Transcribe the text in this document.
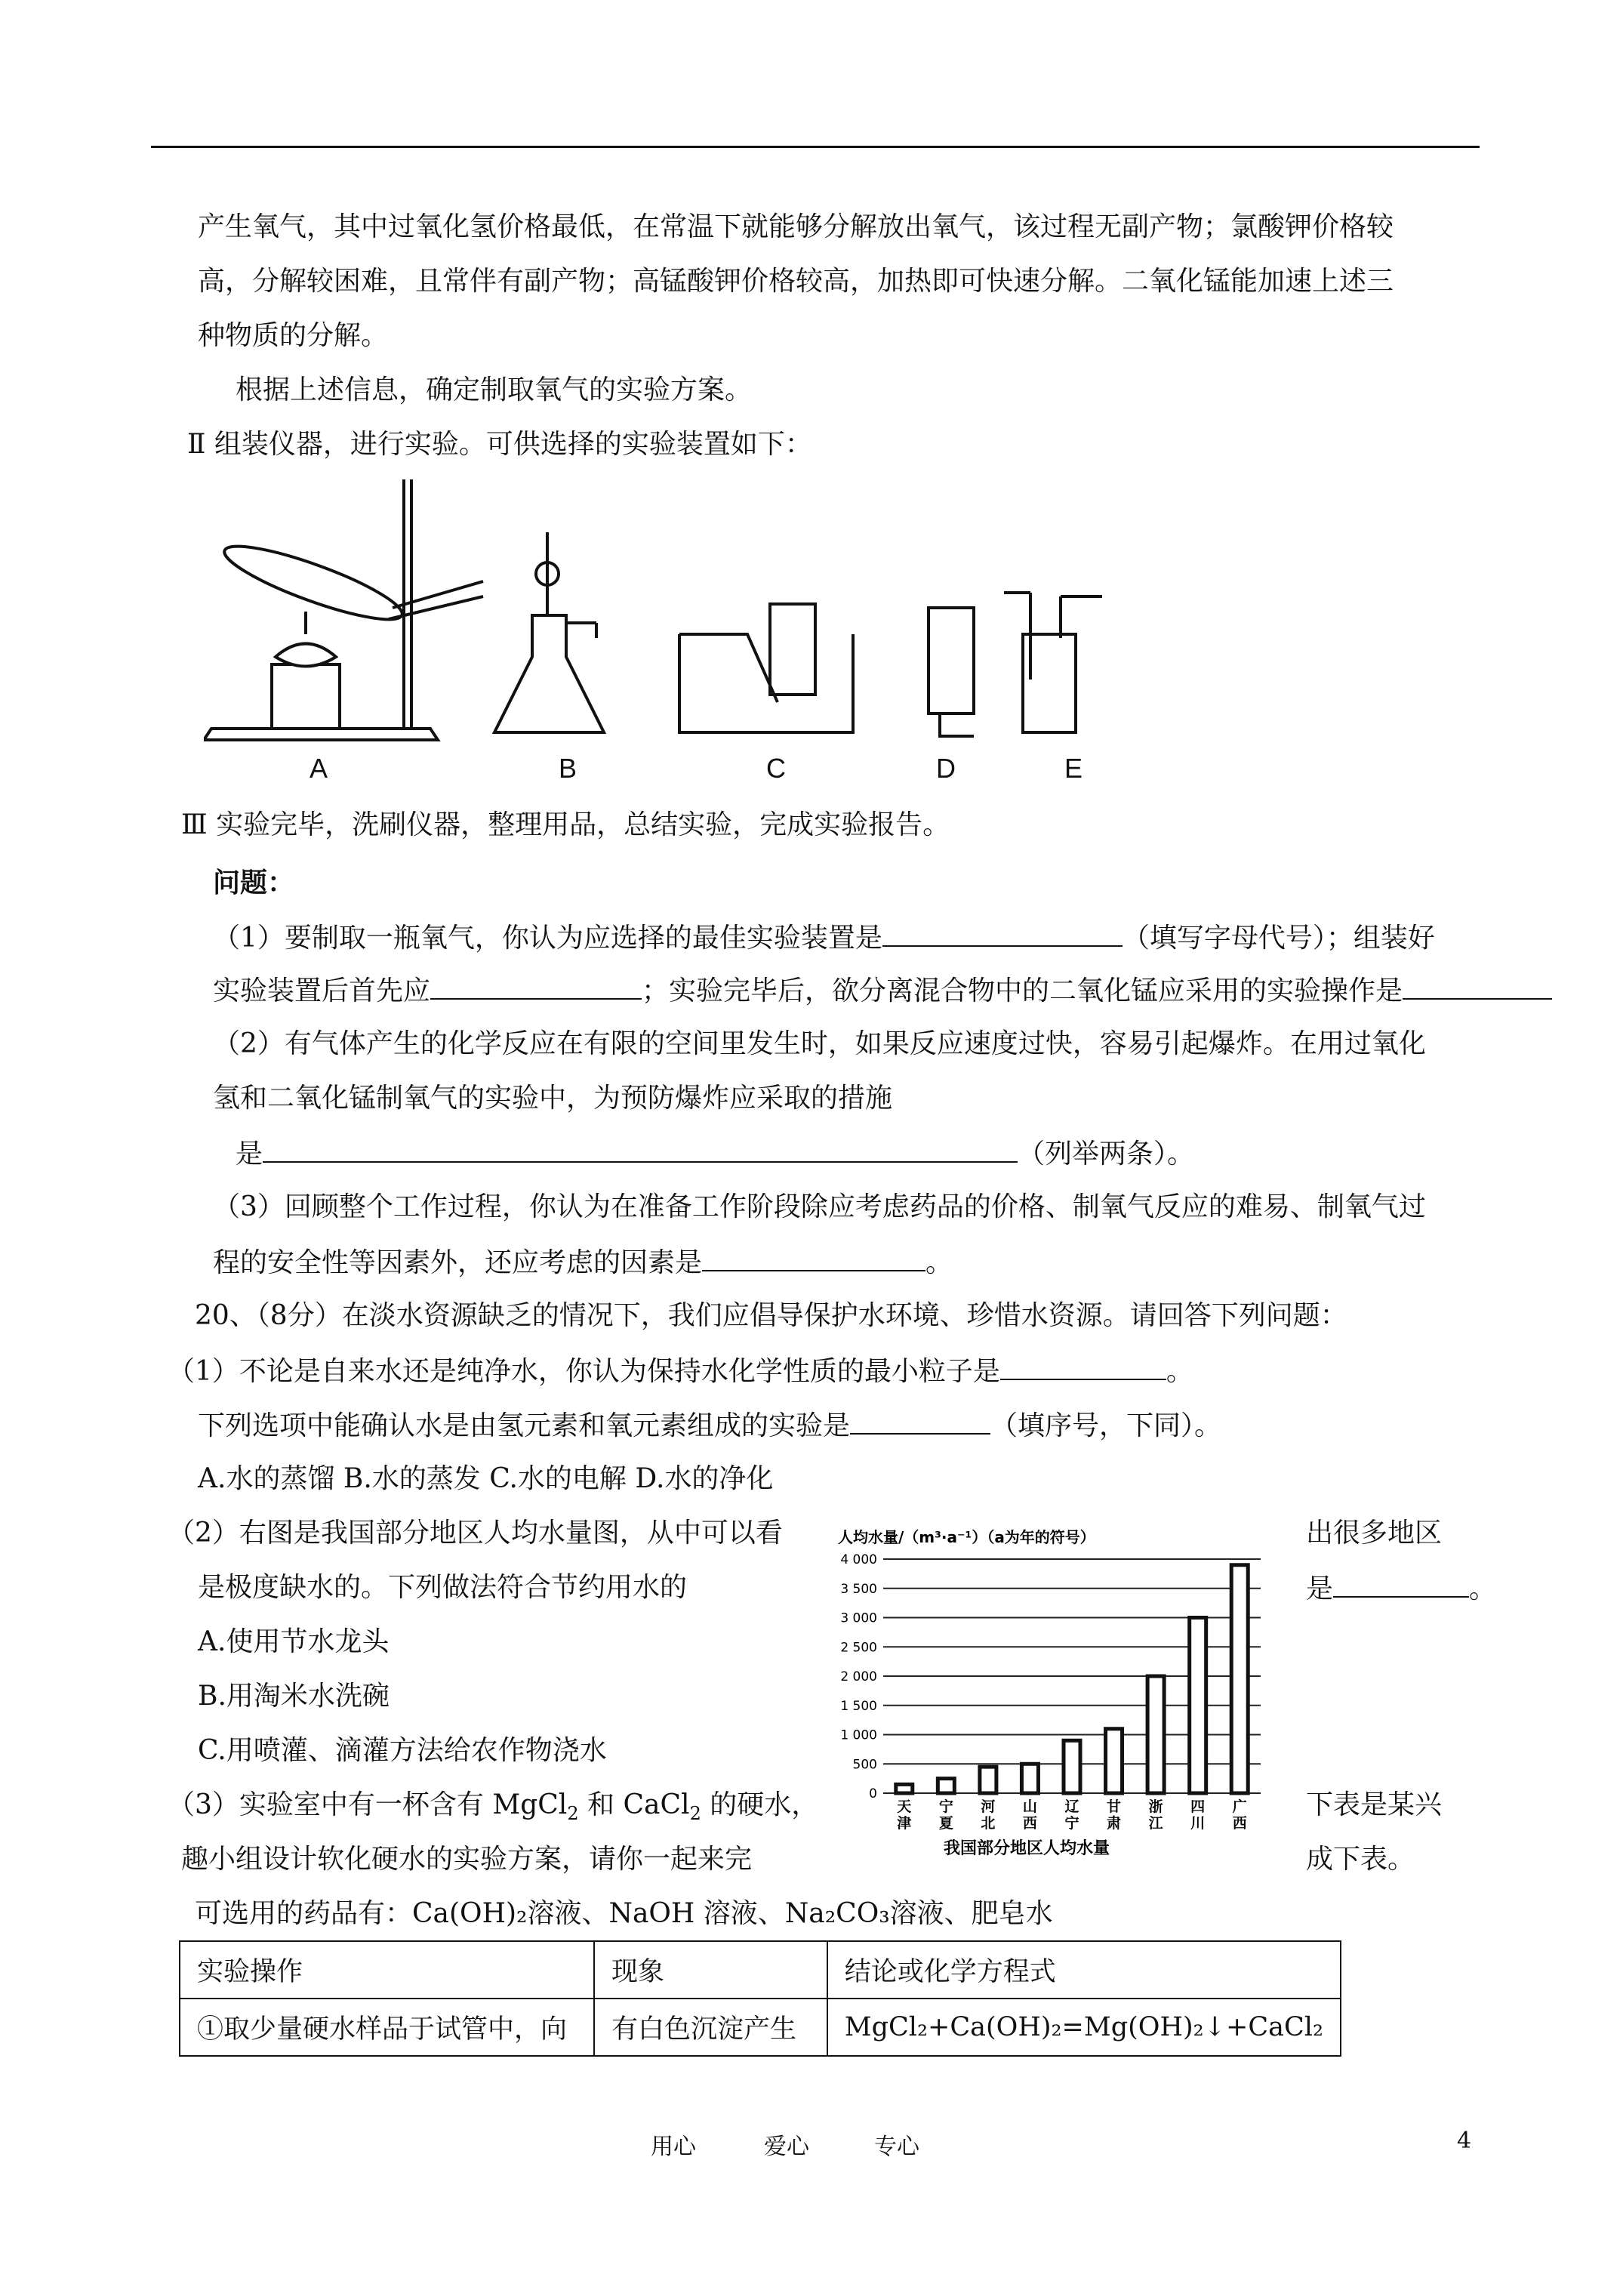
产生氧气，其中过氧化氢价格最低，在常温下就能够分解放出氧气，该过程无副产物；氯酸钾价格较
高，分解较困难，且常伴有副产物；高锰酸钾价格较高，加热即可快速分解。二氧化锰能加速上述三
种物质的分解。
根据上述信息，确定制取氧气的实验方案。
Ⅱ 组装仪器，进行实验。可供选择的实验装置如下：
A	B	C	D	E
Ⅲ 实验完毕，洗刷仪器，整理用品，总结实验，完成实验报告。
问题：
（1）要制取一瓶氧气，你认为应选择的最佳实验装置是	（填写字母代号）；组装好
实验装置后首先应	；实验完毕后，欲分离混合物中的二氧化锰应采用的实验操作是
（2）有气体产生的化学反应在有限的空间里发生时，如果反应速度过快，容易引起爆炸。在用过氧化
氢和二氧化锰制氧气的实验中，为预防爆炸应采取的措施
是	（列举两条）。
（3）回顾整个工作过程，你认为在准备工作阶段除应考虑药品的价格、制氧气反应的难易、制氧气过
程的安全性等因素外，还应考虑的因素是	。
20、（8分）在淡水资源缺乏的情况下，我们应倡导保护水环境、珍惜水资源。请回答下列问题：
（1）不论是自来水还是纯净水，你认为保持水化学性质的最小粒子是	。
下列选项中能确认水是由氢元素和氧元素组成的实验是	（填序号，下同）。
A.水的蒸馏 B.水的蒸发 C.水的电解 D.水的净化
（2）右图是我国部分地区人均水量图，从中可以看	出很多地区
是极度缺水的。下列做法符合节约用水的	是	。
A.使用节水龙头
B.用淘米水洗碗
C.用喷灌、滴灌方法给农作物浇水
（3）实验室中有一杯含有 MgCl$_2$ 和 CaCl$_2$ 的硬水，	下表是某兴
趣小组设计软化硬水的实验方案，请你一起来完	成下表。
可选用的药品有：Ca(OH)₂溶液、NaOH 溶液、Na₂CO₃溶液、肥皂水
人均水量/（m³·a⁻¹）（a为年的符号）
我国部分地区人均水量
0
500
1 000
1 500
2 000
2 500
3 000
3 500
4 000
天
津
宁
夏
河
北
山
西
辽
宁
甘
肃
浙
江
四
川
广
西
实验操作	现象	结论或化学方程式
①取少量硬水样品于试管中，向	有白色沉淀产生	MgCl₂+Ca(OH)₂=Mg(OH)₂↓+CaCl₂
用心	爱心	专心	4
